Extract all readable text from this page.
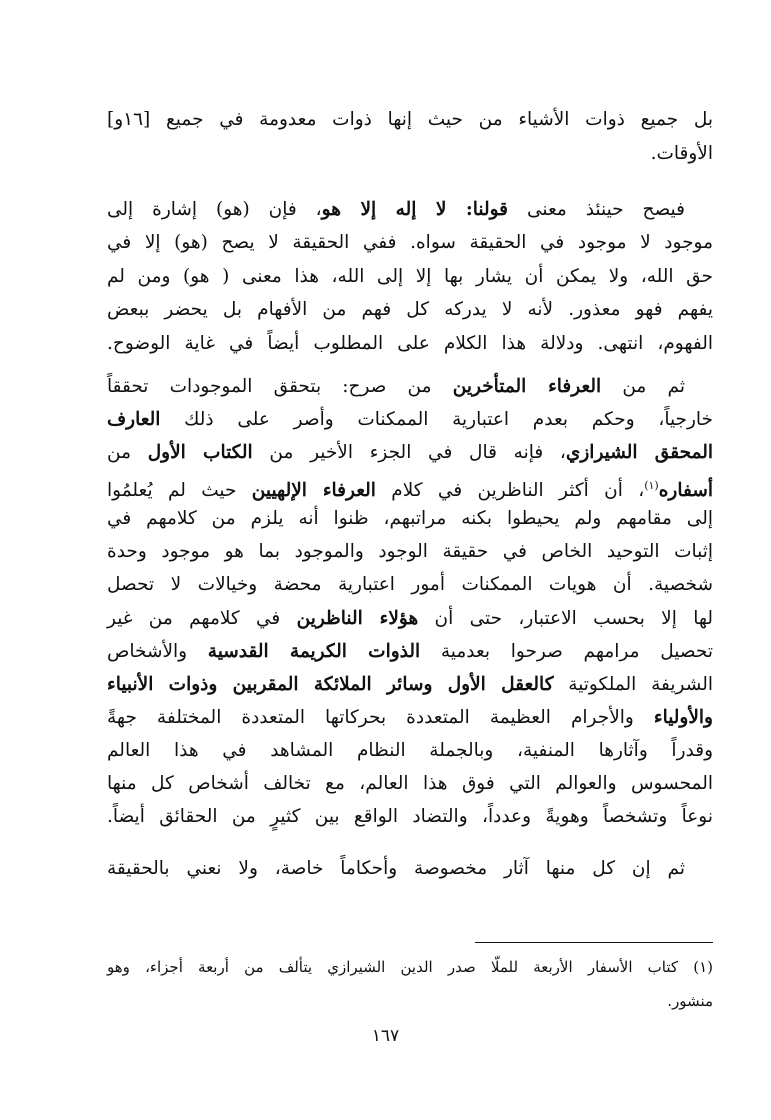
بل جميع ذوات الأشياء من حيث إنها ذوات معدومة في جميع [١٦و]
الأوقات.
فيصح حينئذ معنى قولنا: لا إله إلا هو، فإن (هو) إشارة إلى
موجود لا موجود في الحقيقة سواه. ففي الحقيقة لا يصح (هو) إلا في
حق الله، ولا يمكن أن يشار بها إلا إلى الله، هذا معنى ( هو) ومن لم
يفهم فهو معذور. لأنه لا يدركه كل فهم من الأفهام بل يحضر ببعض
الفهوم، انتهى. ودلالة هذا الكلام على المطلوب أيضاً في غاية الوضوح.
ثم من العرفاء المتأخرين من صرح: بتحقق الموجودات تحققاً
خارجياً، وحكم بعدم اعتبارية الممكنات وأصر على ذلك العارف
المحقق الشيرازي، فإنه قال في الجزء الأخير من الكتاب الأول من
أسفاره$^{(١)}$، أن أكثر الناظرين في كلام العرفاء الإلهيين حيث لم يُعلمُوا
إلى مقامهم ولم يحيطوا بكنه مراتبهم، ظنوا أنه يلزم من كلامهم في
إثبات التوحيد الخاص في حقيقة الوجود والموجود بما هو موجود وحدة
شخصية. أن هويات الممكنات أمور اعتبارية محضة وخيالات لا تحصل
لها إلا بحسب الاعتبار، حتى أن هؤلاء الناظرين في كلامهم من غير
تحصيل مرامهم صرحوا بعدمية الذوات الكريمة القدسية والأشخاص
الشريفة الملكوتية كالعقل الأول وسائر الملائكة المقربين وذوات الأنبياء
والأولياء والأجرام العظيمة المتعددة بحركاتها المتعددة المختلفة جهةً
وقدراً وآثارها المنفية، وبالجملة النظام المشاهد في هذا العالم
المحسوس والعوالم التي فوق هذا العالم، مع تخالف أشخاص كل منها
نوعاً وتشخصاً وهويةً وعدداً، والتضاد الواقع بين كثيرٍ من الحقائق أيضاً.
ثم إن كل منها آثار مخصوصة وأحكاماً خاصة، ولا نعني بالحقيقة
(١) كتاب الأسفار الأربعة للملّا صدر الدين الشيرازي يتألف من أربعة أجزاء، وهو
منشور.
١٦٧
